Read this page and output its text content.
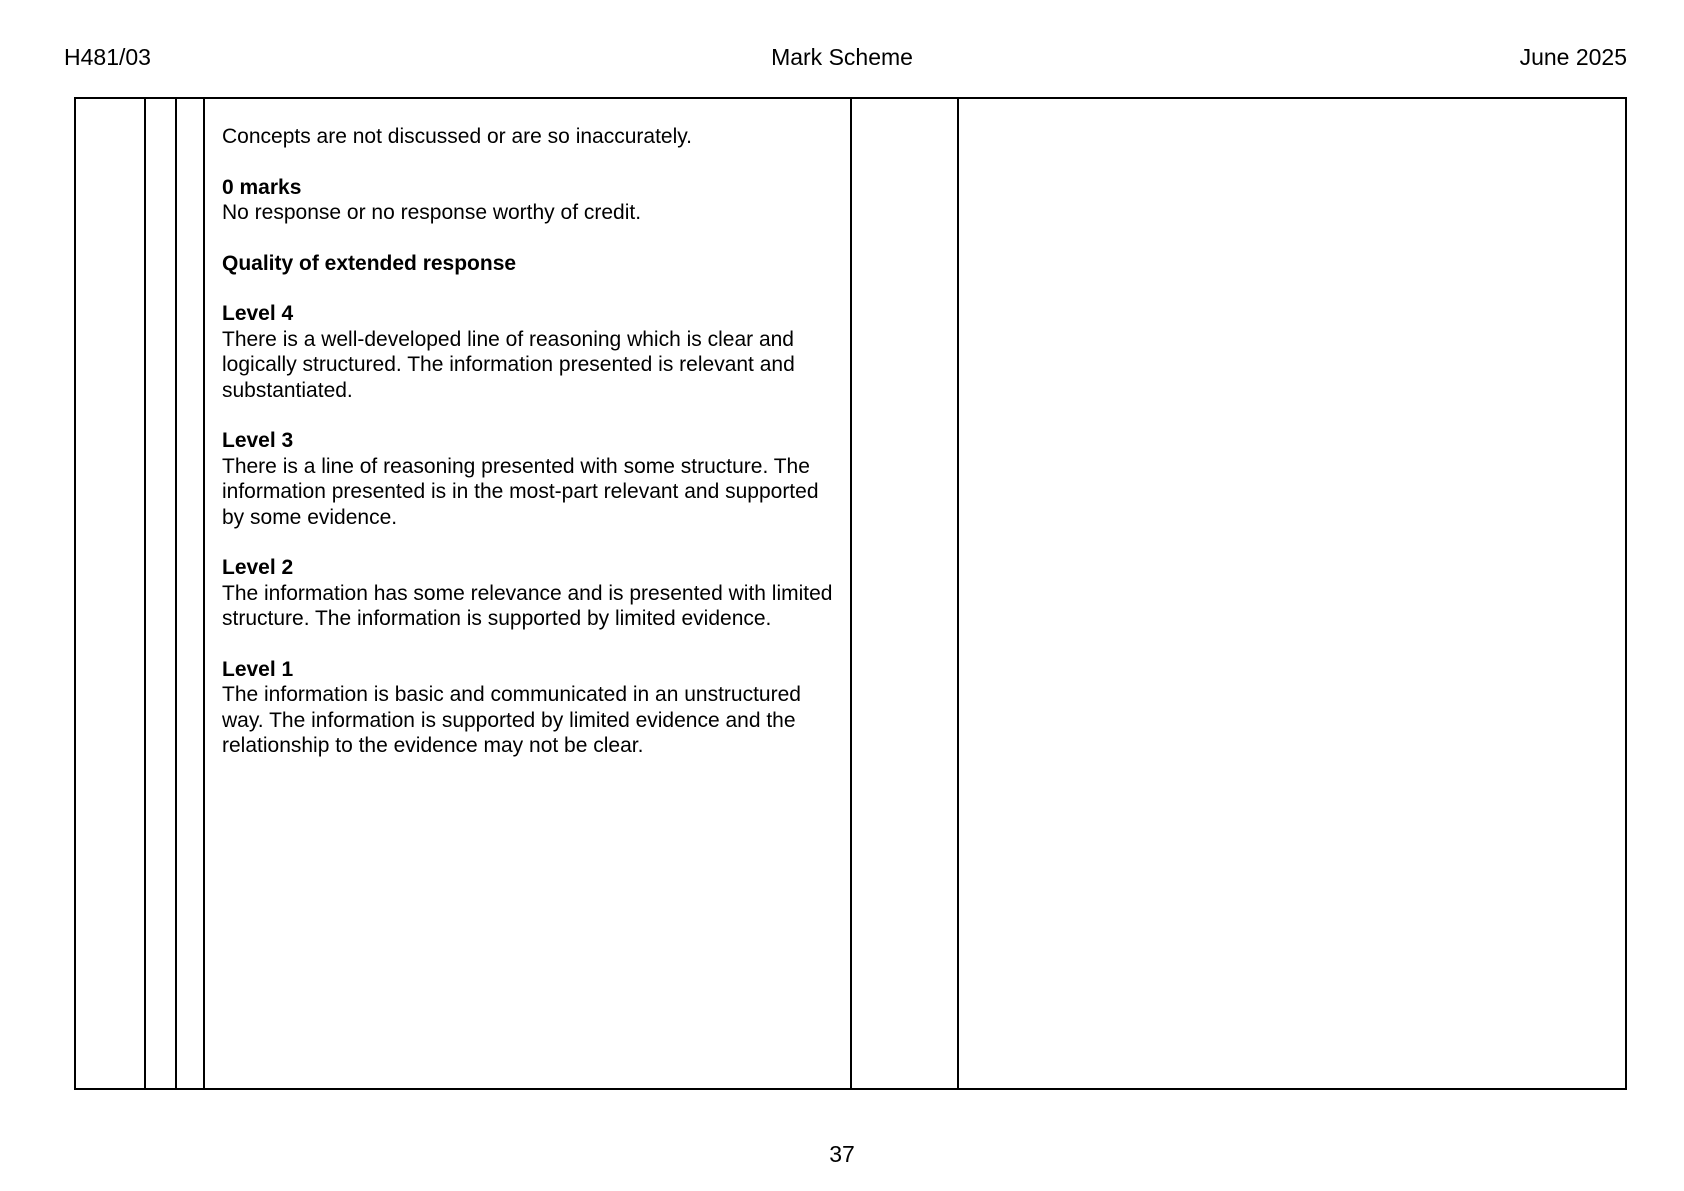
H481/03	Mark Scheme	June 2025

Concepts are not discussed or are so inaccurately.

0 marks
No response or no response worthy of credit.

Quality of extended response

Level 4
There is a well-developed line of reasoning which is clear and logically structured. The information presented is relevant and substantiated.

Level 3
There is a line of reasoning presented with some structure. The information presented is in the most-part relevant and supported by some evidence.

Level 2
The information has some relevance and is presented with limited structure. The information is supported by limited evidence.

Level 1
The information is basic and communicated in an unstructured way. The information is supported by limited evidence and the relationship to the evidence may not be clear.

37
